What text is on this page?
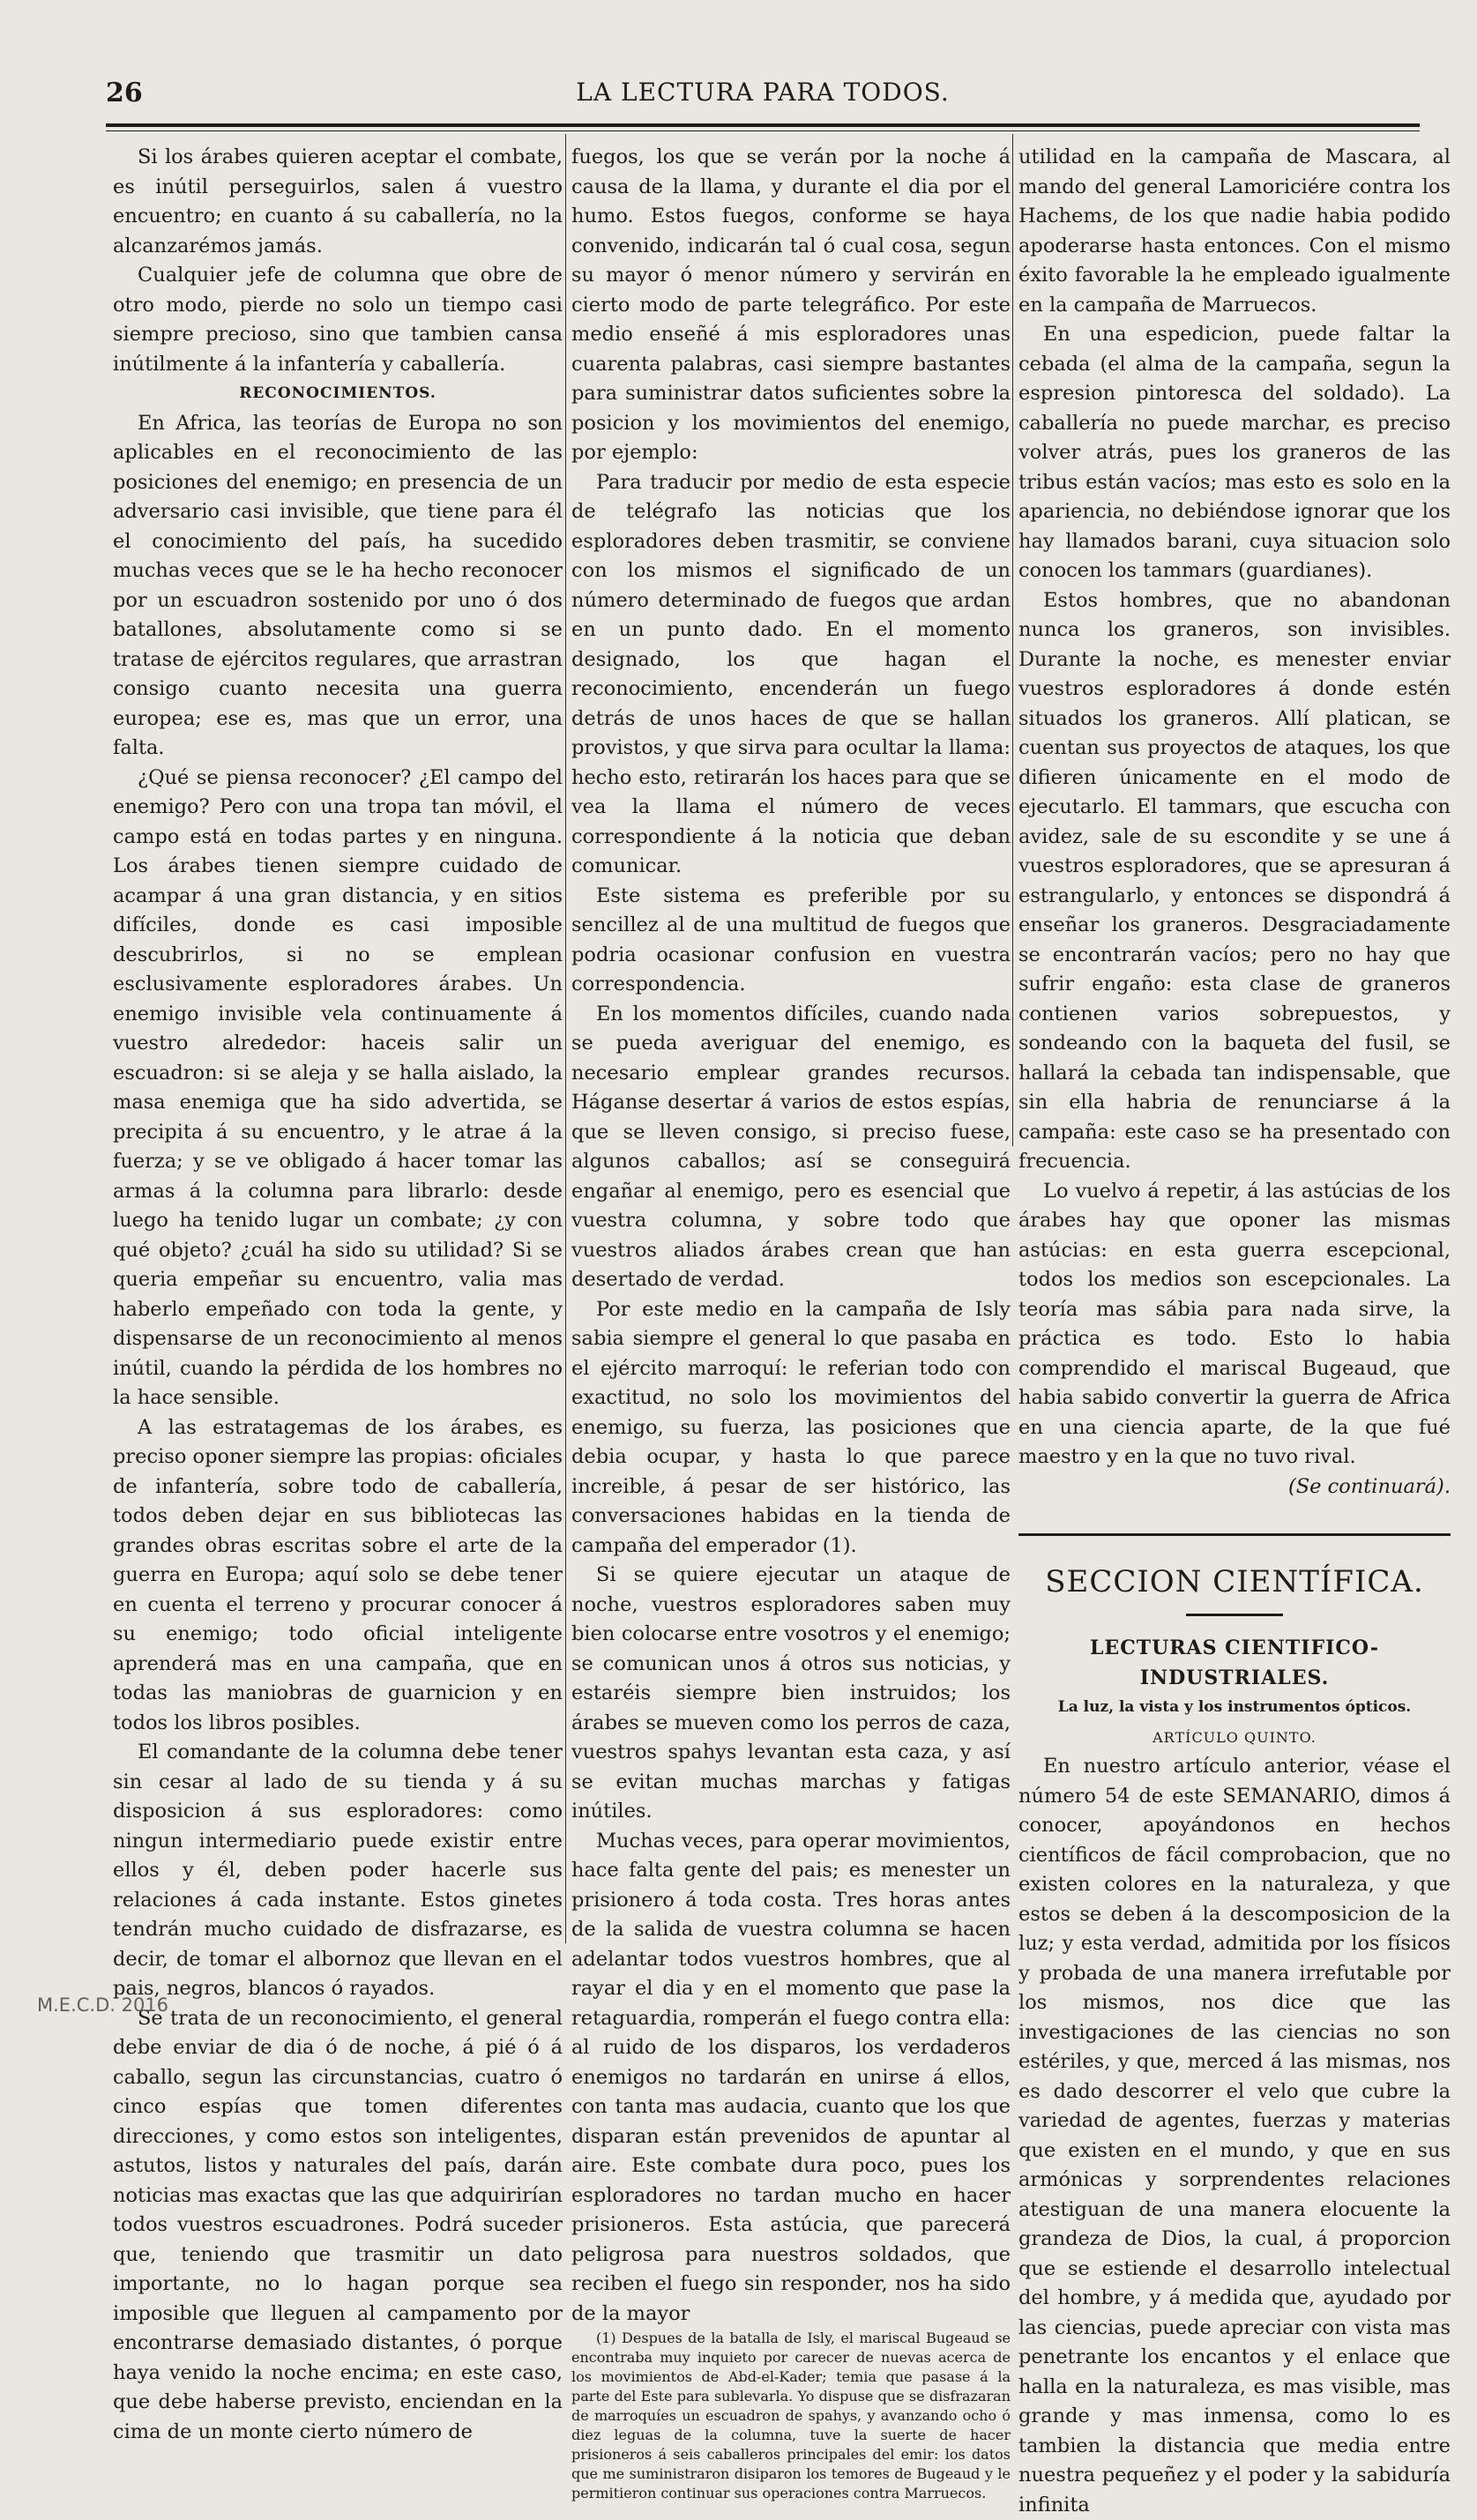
26	LA LECTURA PARA TODOS.

Si los árabes quieren aceptar el combate, es inútil perseguirlos, salen á vuestro encuentro; en cuanto á su caballería, no la alcanzarémos jamás.

Cualquier jefe de columna que obre de otro modo, pierde no solo un tiempo casi siempre precioso, sino que tambien cansa inútilmente á la infantería y caballería.

RECONOCIMIENTOS.

En Africa, las teorías de Europa no son aplicables en el reconocimiento de las posiciones del enemigo; en presencia de un adversario casi invisible, que tiene para él el conocimiento del país, ha sucedido muchas veces que se le ha hecho reconocer por un escuadron sostenido por uno ó dos batallones, absolutamente como si se tratase de ejércitos regulares, que arrastran consigo cuanto necesita una guerra europea; ese es, mas que un error, una falta.

¿Qué se piensa reconocer? ¿El campo del enemigo? Pero con una tropa tan móvil, el campo está en todas partes y en ninguna. Los árabes tienen siempre cuidado de acampar á una gran distancia, y en sitios difíciles, donde es casi imposible descubrirlos, si no se emplean esclusivamente esploradores árabes. Un enemigo invisible vela continuamente á vuestro alrededor: haceis salir un escuadron: si se aleja y se halla aislado, la masa enemiga que ha sido advertida, se precipita á su encuentro, y le atrae á la fuerza; y se ve obligado á hacer tomar las armas á la columna para librarlo: desde luego ha tenido lugar un combate; ¿y con qué objeto? ¿cuál ha sido su utilidad? Si se queria empeñar su encuentro, valia mas haberlo empeñado con toda la gente, y dispensarse de un reconocimiento al menos inútil, cuando la pérdida de los hombres no la hace sensible.

A las estratagemas de los árabes, es preciso oponer siempre las propias: oficiales de infantería, sobre todo de caballería, todos deben dejar en sus bibliotecas las grandes obras escritas sobre el arte de la guerra en Europa; aquí solo se debe tener en cuenta el terreno y procurar conocer á su enemigo; todo oficial inteligente aprenderá mas en una campaña, que en todas las maniobras de guarnicion y en todos los libros posibles.

El comandante de la columna debe tener sin cesar al lado de su tienda y á su disposicion á sus esploradores: como ningun intermediario puede existir entre ellos y él, deben poder hacerle sus relaciones á cada instante. Estos ginetes tendrán mucho cuidado de disfrazarse, es decir, de tomar el albornoz que llevan en el pais, negros, blancos ó rayados.

Se trata de un reconocimiento, el general debe enviar de dia ó de noche, á pié ó á caballo, segun las circunstancias, cuatro ó cinco espías que tomen diferentes direcciones, y como estos son inteligentes, astutos, listos y naturales del país, darán noticias mas exactas que las que adquirirían todos vuestros escuadrones. Podrá suceder que, teniendo que trasmitir un dato importante, no lo hagan porque sea imposible que lleguen al campamento por encontrarse demasiado distantes, ó porque haya venido la noche encima; en este caso, que debe haberse previsto, enciendan en la cima de un monte cierto número de

fuegos, los que se verán por la noche á causa de la llama, y durante el dia por el humo. Estos fuegos, conforme se haya convenido, indicarán tal ó cual cosa, segun su mayor ó menor número y servirán en cierto modo de parte telegráfico. Por este medio enseñé á mis esploradores unas cuarenta palabras, casi siempre bastantes para suministrar datos suficientes sobre la posicion y los movimientos del enemigo, por ejemplo:

Para traducir por medio de esta especie de telégrafo las noticias que los esploradores deben trasmitir, se conviene con los mismos el significado de un número determinado de fuegos que ardan en un punto dado. En el momento designado, los que hagan el reconocimiento, encenderán un fuego detrás de unos haces de que se hallan provistos, y que sirva para ocultar la llama: hecho esto, retirarán los haces para que se vea la llama el número de veces correspondiente á la noticia que deban comunicar.

Este sistema es preferible por su sencillez al de una multitud de fuegos que podria ocasionar confusion en vuestra correspondencia.

En los momentos difíciles, cuando nada se pueda averiguar del enemigo, es necesario emplear grandes recursos. Háganse desertar á varios de estos espías, que se lleven consigo, si preciso fuese, algunos caballos; así se conseguirá engañar al enemigo, pero es esencial que vuestra columna, y sobre todo que vuestros aliados árabes crean que han desertado de verdad.

Por este medio en la campaña de Isly sabia siempre el general lo que pasaba en el ejército marroquí: le referian todo con exactitud, no solo los movimientos del enemigo, su fuerza, las posiciones que debia ocupar, y hasta lo que parece increible, á pesar de ser histórico, las conversaciones habidas en la tienda de campaña del emperador (1).

Si se quiere ejecutar un ataque de noche, vuestros esploradores saben muy bien colocarse entre vosotros y el enemigo; se comunican unos á otros sus noticias, y estaréis siempre bien instruidos; los árabes se mueven como los perros de caza, vuestros spahys levantan esta caza, y así se evitan muchas marchas y fatigas inútiles.

Muchas veces, para operar movimientos, hace falta gente del pais; es menester un prisionero á toda costa. Tres horas antes de la salida de vuestra columna se hacen adelantar todos vuestros hombres, que al rayar el dia y en el momento que pase la retaguardia, romperán el fuego contra ella: al ruido de los disparos, los verdaderos enemigos no tardarán en unirse á ellos, con tanta mas audacia, cuanto que los que disparan están prevenidos de apuntar al aire. Este combate dura poco, pues los esploradores no tardan mucho en hacer prisioneros. Esta astúcia, que parecerá peligrosa para nuestros soldados, que reciben el fuego sin responder, nos ha sido de la mayor

(1) Despues de la batalla de Isly, el mariscal Bugeaud se encontraba muy inquieto por carecer de nuevas acerca de los movimientos de Abd-el-Kader; temia que pasase á la parte del Este para sublevarla. Yo dispuse que se disfrazaran de marroquíes un escuadron de spahys, y avanzando ocho ó diez leguas de la columna, tuve la suerte de hacer prisioneros á seis caballeros principales del emir: los datos que me suministraron disiparon los temores de Bugeaud y le permitieron continuar sus operaciones contra Marruecos.

utilidad en la campaña de Mascara, al mando del general Lamoriciére contra los Hachems, de los que nadie habia podido apoderarse hasta entonces. Con el mismo éxito favorable la he empleado igualmente en la campaña de Marruecos.

En una espedicion, puede faltar la cebada (el alma de la campaña, segun la espresion pintoresca del soldado). La caballería no puede marchar, es preciso volver atrás, pues los graneros de las tribus están vacíos; mas esto es solo en la apariencia, no debiéndose ignorar que los hay llamados barani, cuya situacion solo conocen los tammars (guardianes).

Estos hombres, que no abandonan nunca los graneros, son invisibles. Durante la noche, es menester enviar vuestros esploradores á donde estén situados los graneros. Allí platican, se cuentan sus proyectos de ataques, los que difieren únicamente en el modo de ejecutarlo. El tammars, que escucha con avidez, sale de su escondite y se une á vuestros esploradores, que se apresuran á estrangularlo, y entonces se dispondrá á enseñar los graneros. Desgraciadamente se encontrarán vacíos; pero no hay que sufrir engaño: esta clase de graneros contienen varios sobrepuestos, y sondeando con la baqueta del fusil, se hallará la cebada tan indispensable, que sin ella habria de renunciarse á la campaña: este caso se ha presentado con frecuencia.

Lo vuelvo á repetir, á las astúcias de los árabes hay que oponer las mismas astúcias: en esta guerra escepcional, todos los medios son escepcionales. La teoría mas sábia para nada sirve, la práctica es todo. Esto lo habia comprendido el mariscal Bugeaud, que habia sabido convertir la guerra de Africa en una ciencia aparte, de la que fué maestro y en la que no tuvo rival.

(Se continuará).

SECCION CIENTÍFICA.

LECTURAS CIENTIFICO-INDUSTRIALES.

La luz, la vista y los instrumentos ópticos.

ARTÍCULO QUINTO.

En nuestro artículo anterior, véase el número 54 de este SEMANARIO, dimos á conocer, apoyándonos en hechos científicos de fácil comprobacion, que no existen colores en la naturaleza, y que estos se deben á la descomposicion de la luz; y esta verdad, admitida por los físicos y probada de una manera irrefutable por los mismos, nos dice que las investigaciones de las ciencias no son estériles, y que, merced á las mismas, nos es dado descorrer el velo que cubre la variedad de agentes, fuerzas y materias que existen en el mundo, y que en sus armónicas y sorprendentes relaciones atestiguan de una manera elocuente la grandeza de Dios, la cual, á proporcion que se estiende el desarrollo intelectual del hombre, y á medida que, ayudado por las ciencias, puede apreciar con vista mas penetrante los encantos y el enlace que halla en la naturaleza, es mas visible, mas grande y mas inmensa, como lo es tambien la distancia que media entre nuestra pequeñez y el poder y la sabiduría infinita

M.E.C.D. 2016
